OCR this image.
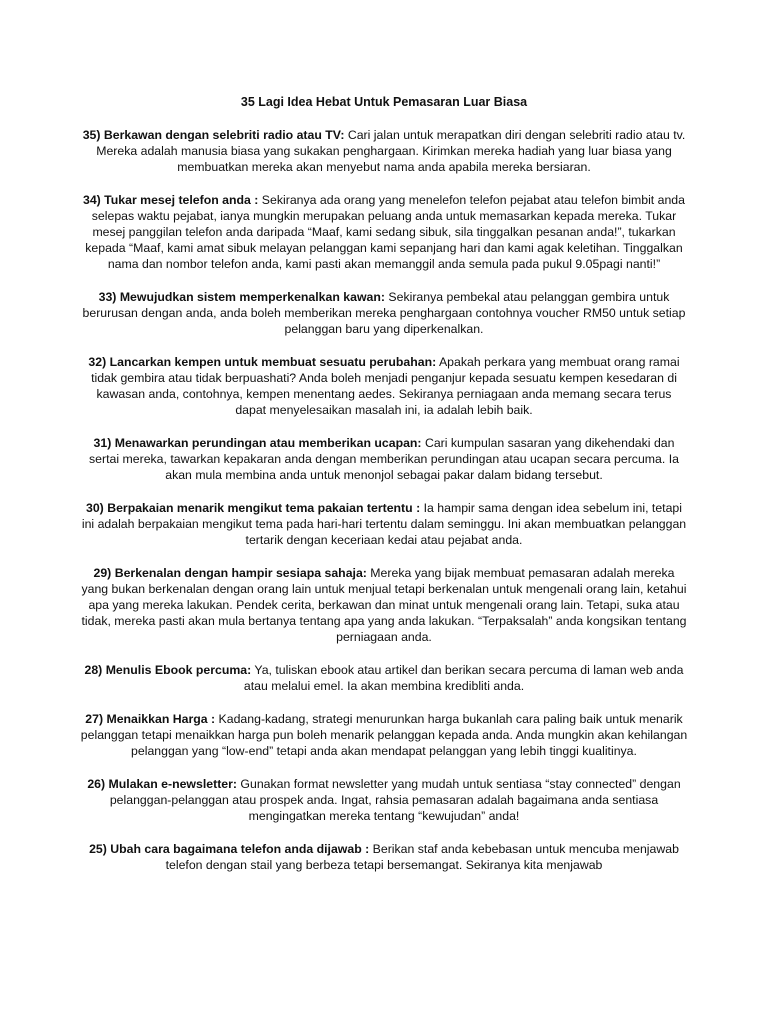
35 Lagi Idea Hebat Untuk Pemasaran Luar Biasa
35) Berkawan dengan selebriti radio atau TV: Cari jalan untuk merapatkan diri dengan selebriti radio atau tv. Mereka adalah manusia biasa yang sukakan penghargaan. Kirimkan mereka hadiah yang luar biasa yang membuatkan mereka akan menyebut nama anda apabila mereka bersiaran.
34) Tukar mesej telefon anda : Sekiranya ada orang yang menelefon telefon pejabat atau telefon bimbit anda selepas waktu pejabat, ianya mungkin merupakan peluang anda untuk memasarkan kepada mereka. Tukar mesej panggilan telefon anda daripada “Maaf, kami sedang sibuk, sila tinggalkan pesanan anda!”, tukarkan kepada “Maaf, kami amat sibuk melayan pelanggan kami sepanjang hari dan kami agak keletihan. Tinggalkan nama dan nombor telefon anda, kami pasti akan memanggil anda semula pada pukul 9.05pagi nanti!”
33) Mewujudkan sistem memperkenalkan kawan: Sekiranya pembekal atau pelanggan gembira untuk berurusan dengan anda, anda boleh memberikan mereka penghargaan contohnya voucher RM50 untuk setiap pelanggan baru yang diperkenalkan.
32) Lancarkan kempen untuk membuat sesuatu perubahan: Apakah perkara yang membuat orang ramai tidak gembira atau tidak berpuashati? Anda boleh menjadi penganjur kepada sesuatu kempen kesedaran di kawasan anda, contohnya, kempen menentang aedes. Sekiranya perniagaan anda memang secara terus dapat menyelesaikan masalah ini, ia adalah lebih baik.
31) Menawarkan perundingan atau memberikan ucapan: Cari kumpulan sasaran yang dikehendaki dan sertai mereka, tawarkan kepakaran anda dengan memberikan perundingan atau ucapan secara percuma. Ia akan mula membina anda untuk menonjol sebagai pakar dalam bidang tersebut.
30) Berpakaian menarik mengikut tema pakaian tertentu : Ia hampir sama dengan idea sebelum ini, tetapi ini adalah berpakaian mengikut tema pada hari-hari tertentu dalam seminggu. Ini akan membuatkan pelanggan tertarik dengan keceriaan kedai atau pejabat anda.
29) Berkenalan dengan hampir sesiapa sahaja: Mereka yang bijak membuat pemasaran adalah mereka yang bukan berkenalan dengan orang lain untuk menjual tetapi berkenalan untuk mengenali orang lain, ketahui apa yang mereka lakukan. Pendek cerita, berkawan dan minat untuk mengenali orang lain. Tetapi, suka atau tidak, mereka pasti akan mula bertanya tentang apa yang anda lakukan. “Terpaksalah” anda kongsikan tentang perniagaan anda.
28) Menulis Ebook percuma: Ya, tuliskan ebook atau artikel dan berikan secara percuma di laman web anda atau melalui emel. Ia akan membina kredibliti anda.
27) Menaikkan Harga : Kadang-kadang, strategi menurunkan harga bukanlah cara paling baik untuk menarik pelanggan tetapi menaikkan harga pun boleh menarik pelanggan kepada anda. Anda mungkin akan kehilangan pelanggan yang “low-end” tetapi anda akan mendapat pelanggan yang lebih tinggi kualitinya.
26) Mulakan e-newsletter: Gunakan format newsletter yang mudah untuk sentiasa “stay connected” dengan pelanggan-pelanggan atau prospek anda. Ingat, rahsia pemasaran adalah bagaimana anda sentiasa mengingatkan mereka tentang “kewujudan” anda!
25) Ubah cara bagaimana telefon anda dijawab : Berikan staf anda kebebasan untuk mencuba menjawab telefon dengan stail yang berbeza tetapi bersemangat. Sekiranya kita menjawab
